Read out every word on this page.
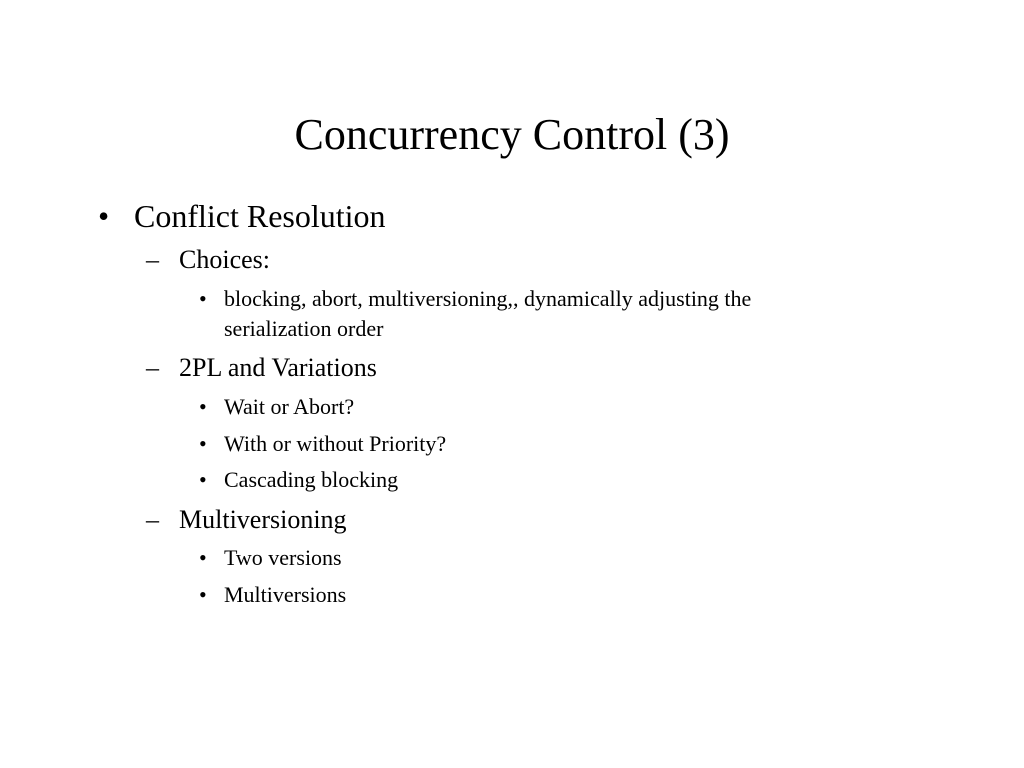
Concurrency Control (3)
• Conflict Resolution
– Choices:
• blocking, abort, multiversioning,, dynamically adjusting the
serialization order
– 2PL and Variations
• Wait or Abort?
• With or without Priority?
• Cascading blocking
– Multiversioning
• Two versions
• Multiversions
